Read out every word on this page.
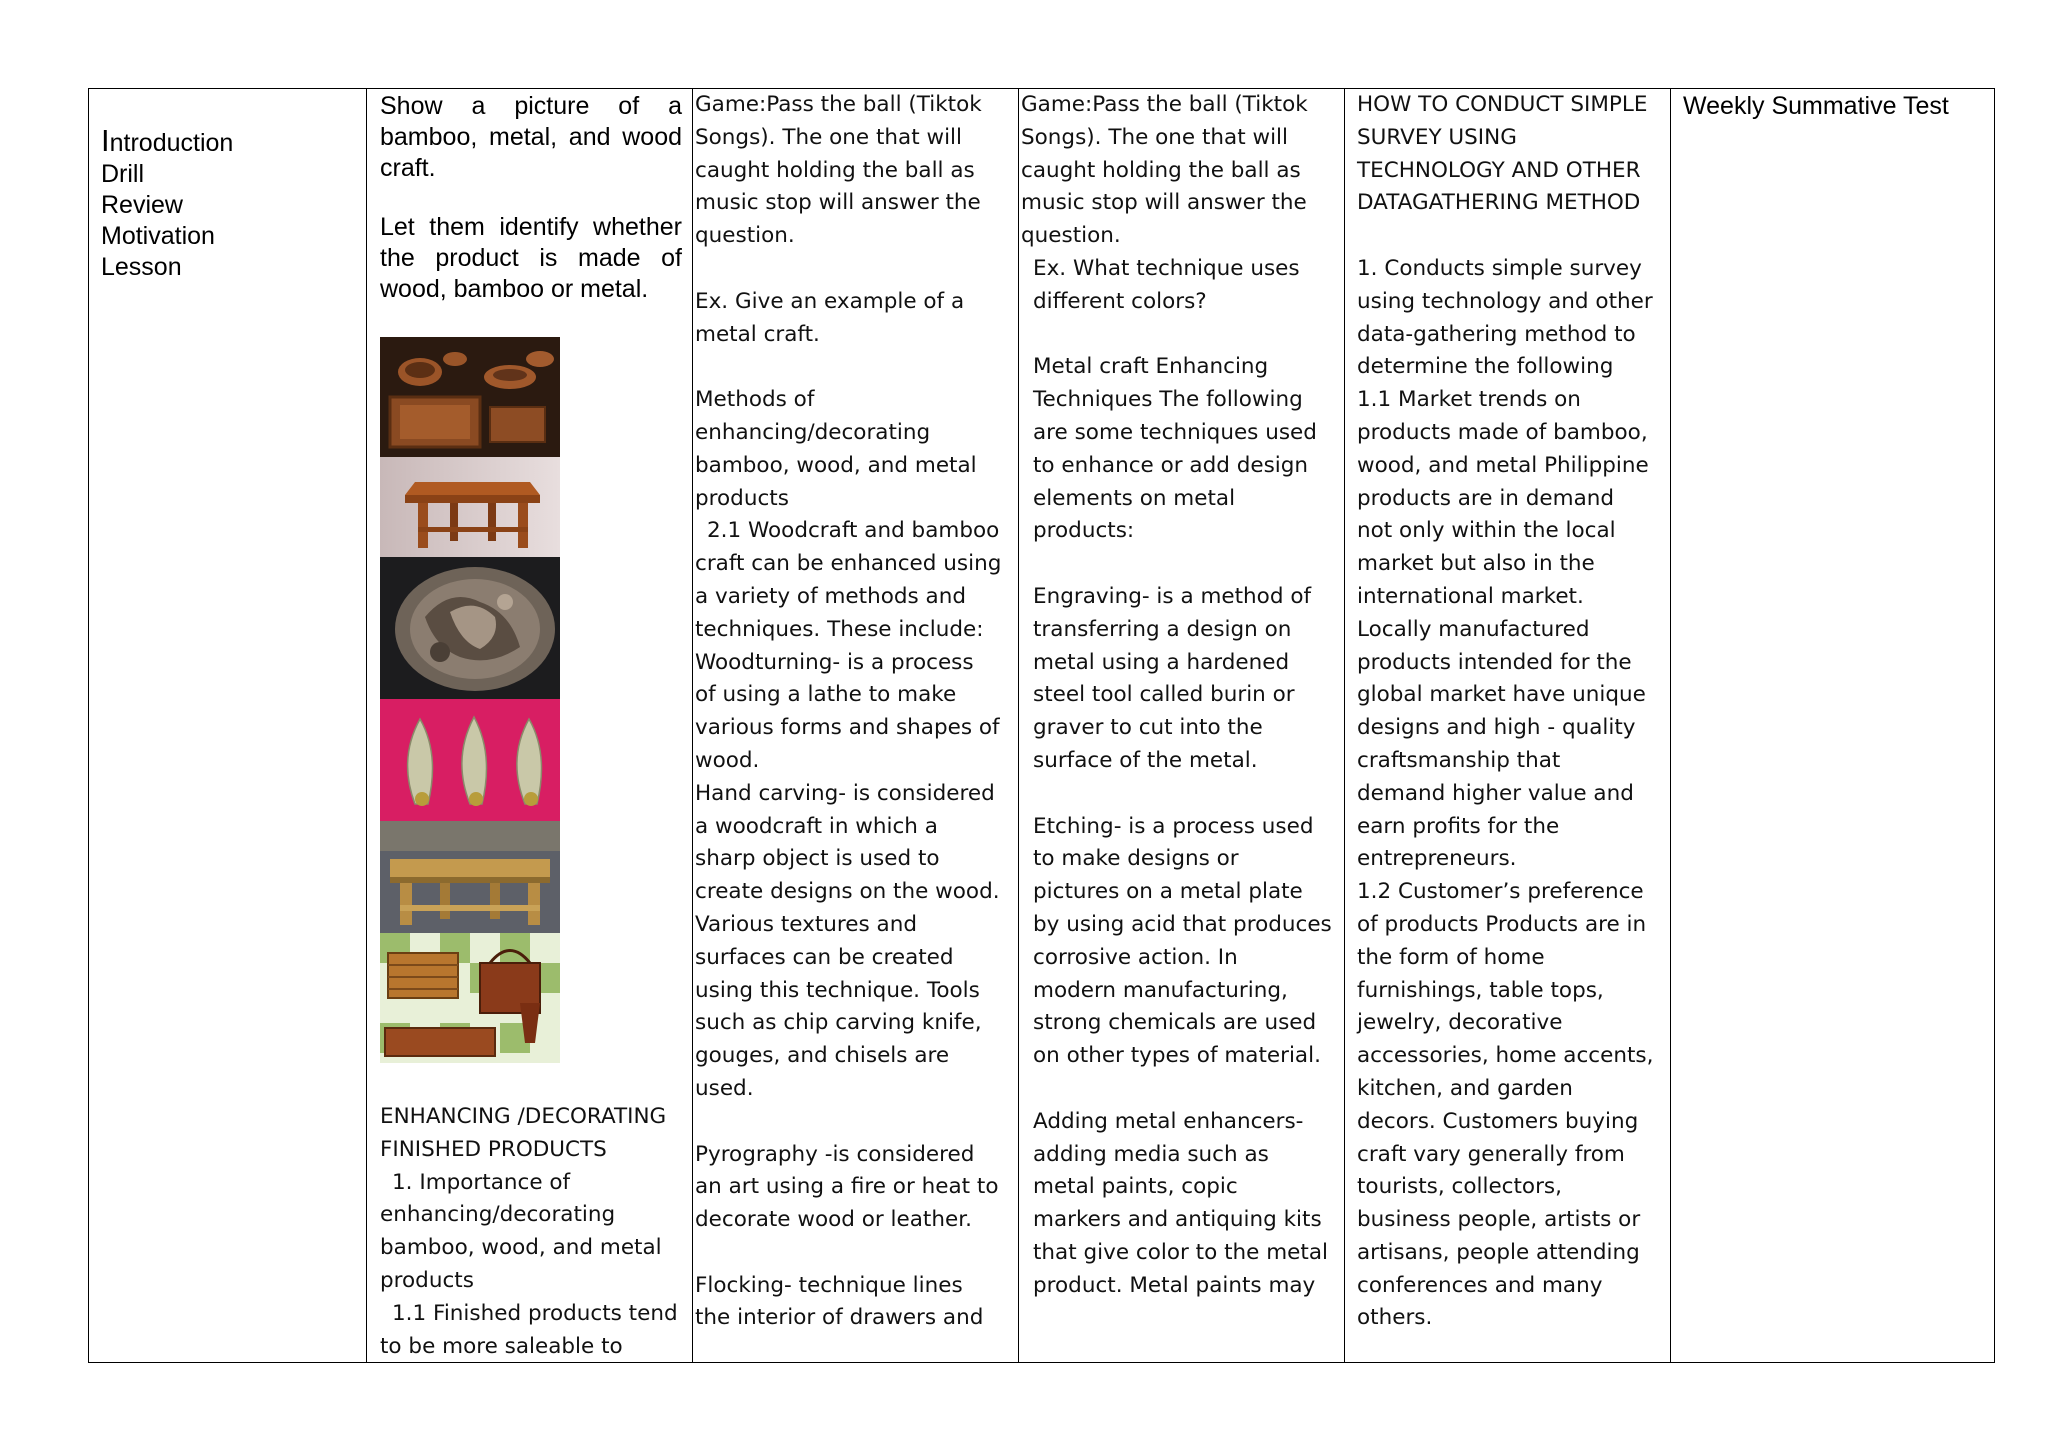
Introduction
Drill
Review
Motivation
Lesson

Show a picture of a bamboo, metal, and wood craft.

Let them identify whether the product is made of wood, bamboo or metal.

ENHANCING /DECORATING
FINISHED PRODUCTS
1. Importance of
enhancing/decorating
bamboo, wood, and metal
products
1.1 Finished products tend
to be more saleable to
Game:Pass the ball (Tiktok
Songs). The one that will
caught holding the ball as
music stop will answer the
question.
Ex. Give an example of a
metal craft.
Methods of
enhancing/decorating
bamboo, wood, and metal
products
2.1 Woodcraft and bamboo
craft can be enhanced using
a variety of methods and
techniques. These include:
Woodturning- is a process
of using a lathe to make
various forms and shapes of
wood.
Hand carving- is considered
a woodcraft in which a
sharp object is used to
create designs on the wood.
Various textures and
surfaces can be created
using this technique. Tools
such as chip carving knife,
gouges, and chisels are
used.
Pyrography -is considered
an art using a fire or heat to
decorate wood or leather.
Flocking- technique lines
the interior of drawers and
Game:Pass the ball (Tiktok
Songs). The one that will
caught holding the ball as
music stop will answer the
question.
Ex. What technique uses
different colors?
Metal craft Enhancing
Techniques The following
are some techniques used
to enhance or add design
elements on metal
products:
Engraving- is a method of
transferring a design on
metal using a hardened
steel tool called burin or
graver to cut into the
surface of the metal.
Etching- is a process used
to make designs or
pictures on a metal plate
by using acid that produces
corrosive action. In
modern manufacturing,
strong chemicals are used
on other types of material.
Adding metal enhancers-
adding media such as
metal paints, copic
markers and antiquing kits
that give color to the metal
product. Metal paints may
HOW TO CONDUCT SIMPLE
SURVEY USING
TECHNOLOGY AND OTHER
DATAGATHERING METHOD
1. Conducts simple survey
using technology and other
data-gathering method to
determine the following
1.1 Market trends on
products made of bamboo,
wood, and metal Philippine
products are in demand
not only within the local
market but also in the
international market.
Locally manufactured
products intended for the
global market have unique
designs and high - quality
craftsmanship that
demand higher value and
earn profits for the
entrepreneurs.
1.2 Customer’s preference
of products Products are in
the form of home
furnishings, table tops,
jewelry, decorative
accessories, home accents,
kitchen, and garden
decors. Customers buying
craft vary generally from
tourists, collectors,
business people, artists or
artisans, people attending
conferences and many
others.
Weekly Summative Test
